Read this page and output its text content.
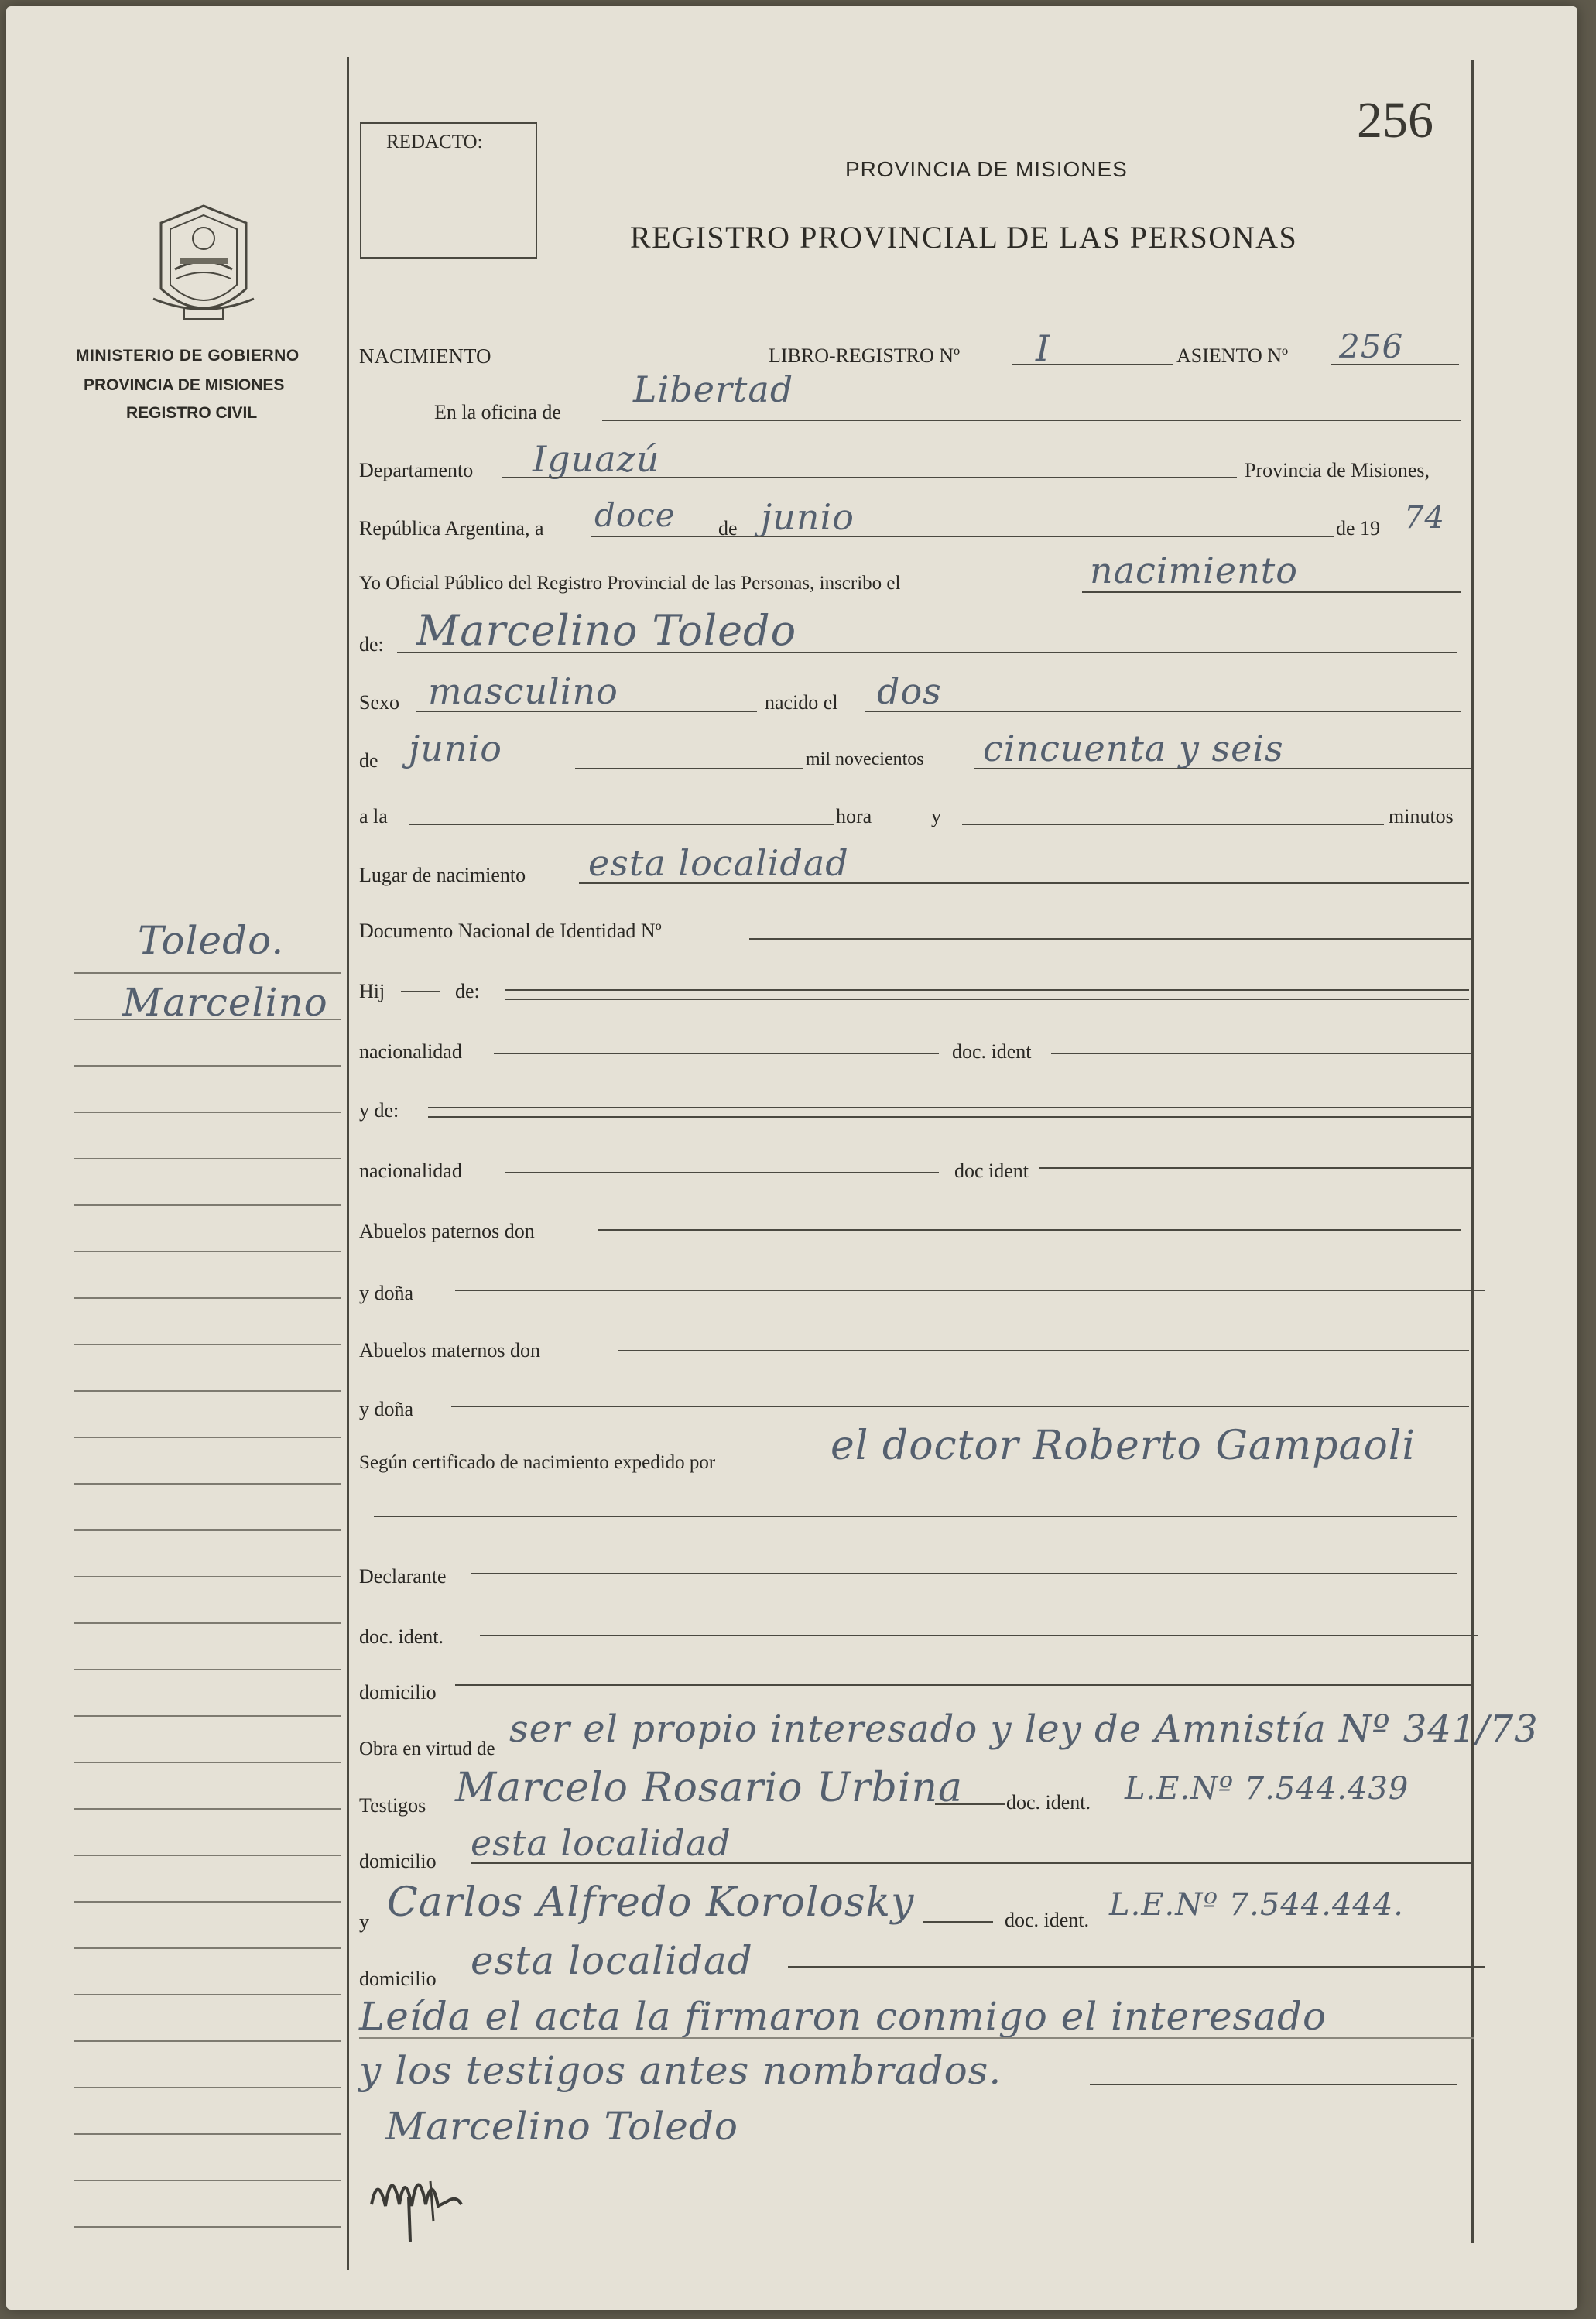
256
REDACTO:
PROVINCIA DE MISIONES
REGISTRO PROVINCIAL DE LAS PERSONAS
MINISTERIO DE GOBIERNO
PROVINCIA DE MISIONES
REGISTRO CIVIL
Toledo.
Marcelino
NACIMIENTO	LIBRO-REGISTRO Nº I	ASIENTO Nº 256
En la oficina de
Libertad
Departamento Iguazú	Provincia de Misiones,
República Argentina, a doce de junio	de 19 74
Yo Oficial Público del Registro Provincial de las Personas, inscribo el	nacimiento
de: Marcelino Toledo
Sexo masculino	nacido el dos
de junio	mil novecientos cincuenta y seis
a la	hora	y	minutos
Lugar de nacimiento esta localidad
Documento Nacional de Identidad Nº
Hij	de:
nacionalidad	doc. ident
y de:
nacionalidad	doc ident
Abuelos paternos don
y doña
Abuelos maternos don
y doña
Según certificado de nacimiento expedido por	el doctor Roberto Gampaoli
Declarante
doc. ident.
domicilio
Obra en virtud de ser el propio interesado y ley de Amnistía Nº 341/73
Testigos Marcelo Rosario Urbina doc. ident. L.E.Nº 7.544.439
domicilio esta localidad
y Carlos Alfredo Korolosky	doc. ident. L.E.Nº 7.544.444.
domicilio esta localidad
Leída el acta la firmaron conmigo el interesado
y los testigos antes nombrados.
Marcelino Toledo
